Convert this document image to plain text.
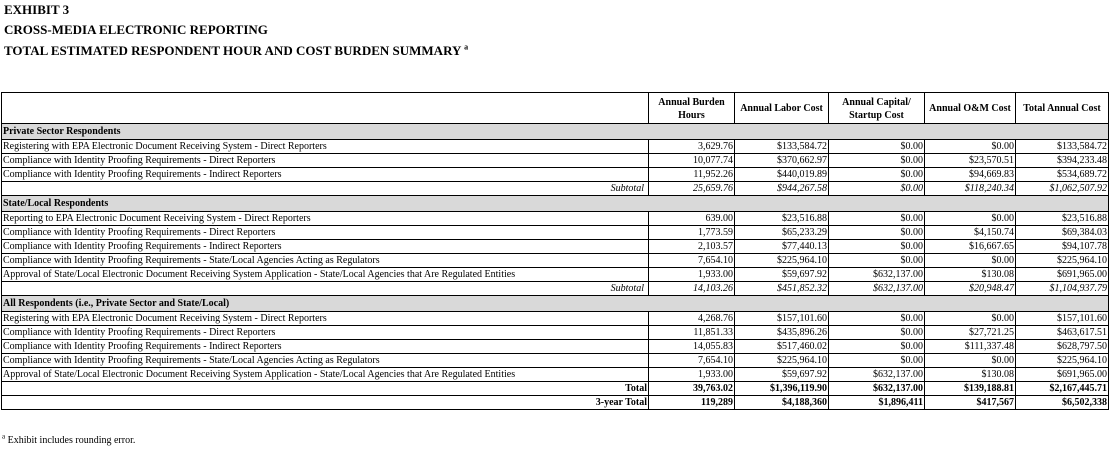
EXHIBIT 3
CROSS-MEDIA ELECTRONIC REPORTING
TOTAL ESTIMATED RESPONDENT HOUR AND COST BURDEN SUMMARY $^a$
	Annual Burden Hours	Annual Labor Cost	Annual Capital/ Startup Cost	Annual O&M Cost	Total Annual Cost
Private Sector Respondents					
Registering with EPA Electronic Document Receiving System - Direct Reporters	3,629.76	$133,584.72	$0.00	$0.00	$133,584.72
Compliance with Identity Proofing Requirements - Direct Reporters	10,077.74	$370,662.97	$0.00	$23,570.51	$394,233.48
Compliance with Identity Proofing Requirements - Indirect Reporters	11,952.26	$440,019.89	$0.00	$94,669.83	$534,689.72
Subtotal	25,659.76	$944,267.58	$0.00	$118,240.34	$1,062,507.92
State/Local Respondents					
Reporting to EPA Electronic Document Receiving System - Direct Reporters	639.00	$23,516.88	$0.00	$0.00	$23,516.88
Compliance with Identity Proofing Requirements - Direct Reporters	1,773.59	$65,233.29	$0.00	$4,150.74	$69,384.03
Compliance with Identity Proofing Requirements - Indirect Reporters	2,103.57	$77,440.13	$0.00	$16,667.65	$94,107.78
Compliance with Identity Proofing Requirements - State/Local Agencies Acting as Regulators	7,654.10	$225,964.10	$0.00	$0.00	$225,964.10
Approval of State/Local Electronic Document Receiving System Application - State/Local Agencies that Are Regulated Entities	1,933.00	$59,697.92	$632,137.00	$130.08	$691,965.00
Subtotal	14,103.26	$451,852.32	$632,137.00	$20,948.47	$1,104,937.79
All Respondents (i.e., Private Sector and State/Local)					
Registering with EPA Electronic Document Receiving System - Direct Reporters	4,268.76	$157,101.60	$0.00	$0.00	$157,101.60
Compliance with Identity Proofing Requirements - Direct Reporters	11,851.33	$435,896.26	$0.00	$27,721.25	$463,617.51
Compliance with Identity Proofing Requirements - Indirect Reporters	14,055.83	$517,460.02	$0.00	$111,337.48	$628,797.50
Compliance with Identity Proofing Requirements - State/Local Agencies Acting as Regulators	7,654.10	$225,964.10	$0.00	$0.00	$225,964.10
Approval of State/Local Electronic Document Receiving System Application - State/Local Agencies that Are Regulated Entities	1,933.00	$59,697.92	$632,137.00	$130.08	$691,965.00
Total	39,763.02	$1,396,119.90	$632,137.00	$139,188.81	$2,167,445.71
3-year Total	119,289	$4,188,360	$1,896,411	$417,567	$6,502,338
$^a$ Exhibit includes rounding error.
